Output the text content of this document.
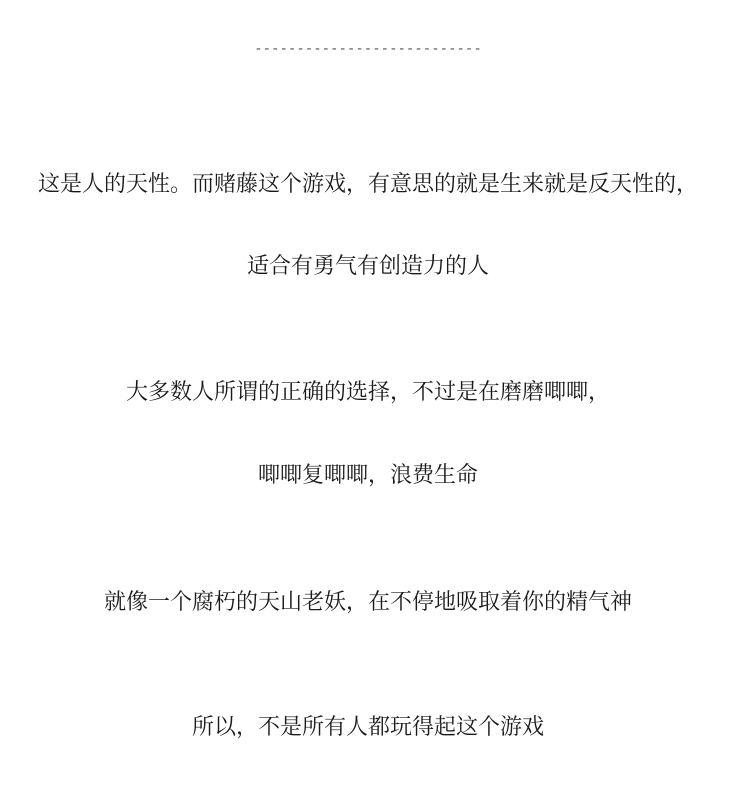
---------------------------
这是人的天性。而赌藤这个游戏，有意思的就是生来就是反天性的，
适合有勇气有创造力的人
大多数人所谓的正确的选择，不过是在磨磨唧唧，
唧唧复唧唧，浪费生命
就像一个腐朽的天山老妖，在不停地吸取着你的精气神
所以，不是所有人都玩得起这个游戏
